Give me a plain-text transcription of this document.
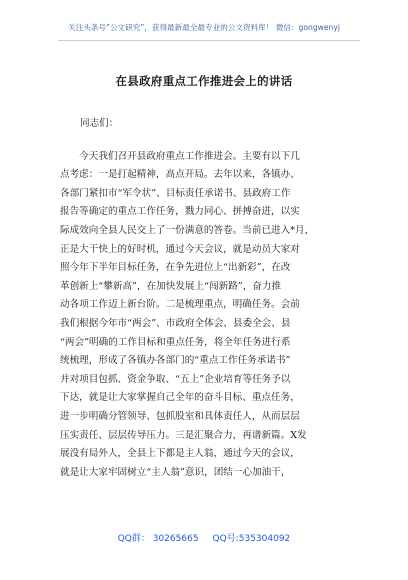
关注头条号“公文研究”，获得最新最全最专业的公文资料库！ 微信：gongwenyj
在县政府重点工作推进会上的讲话
同志们：

　　今天我们召开县政府重点工作推进会。主要有以下几

点考虑：一是打起精神，高点开局。去年以来，各镇办、

各部门紧扣市“军令状”、目标责任承诺书、县政府工作

报告等确定的重点工作任务，戮力同心、拼搏奋进，以实

际成效向全县人民交上了一份满意的答卷。当前已进入*月，

正是大干快上的好时机，通过今天会议，就是动员大家对

照今年下半年目标任务，在争先进位上“出新彩”，在改

革创新上“攀新高”，在加快发展上“闯新路”，奋力推

动各项工作迈上新台阶。二是梳理重点，明确任务。会前

我们根据今年市“两会”、市政府全体会、县委全会、县

“两会”明确的工作目标和重点任务，将全年任务进行系

统梳理，形成了各镇办各部门的“重点工作任务承诺书”

并对项目包抓、资金争取、“五上”企业培育等任务予以

下达，就是让大家掌握自己全年的奋斗目标、重点任务，

进一步明确分管领导、包抓股室和具体责任人，从而层层

压实责任、层层传导压力。三是汇聚合力，再谱新篇。X发

展没有局外人，全县上下都是主人翁，通过今天的会议，

就是让大家牢固树立“主人翁”意识，团结一心加油干，

QQ群： 30265665 QQ号:535304092
